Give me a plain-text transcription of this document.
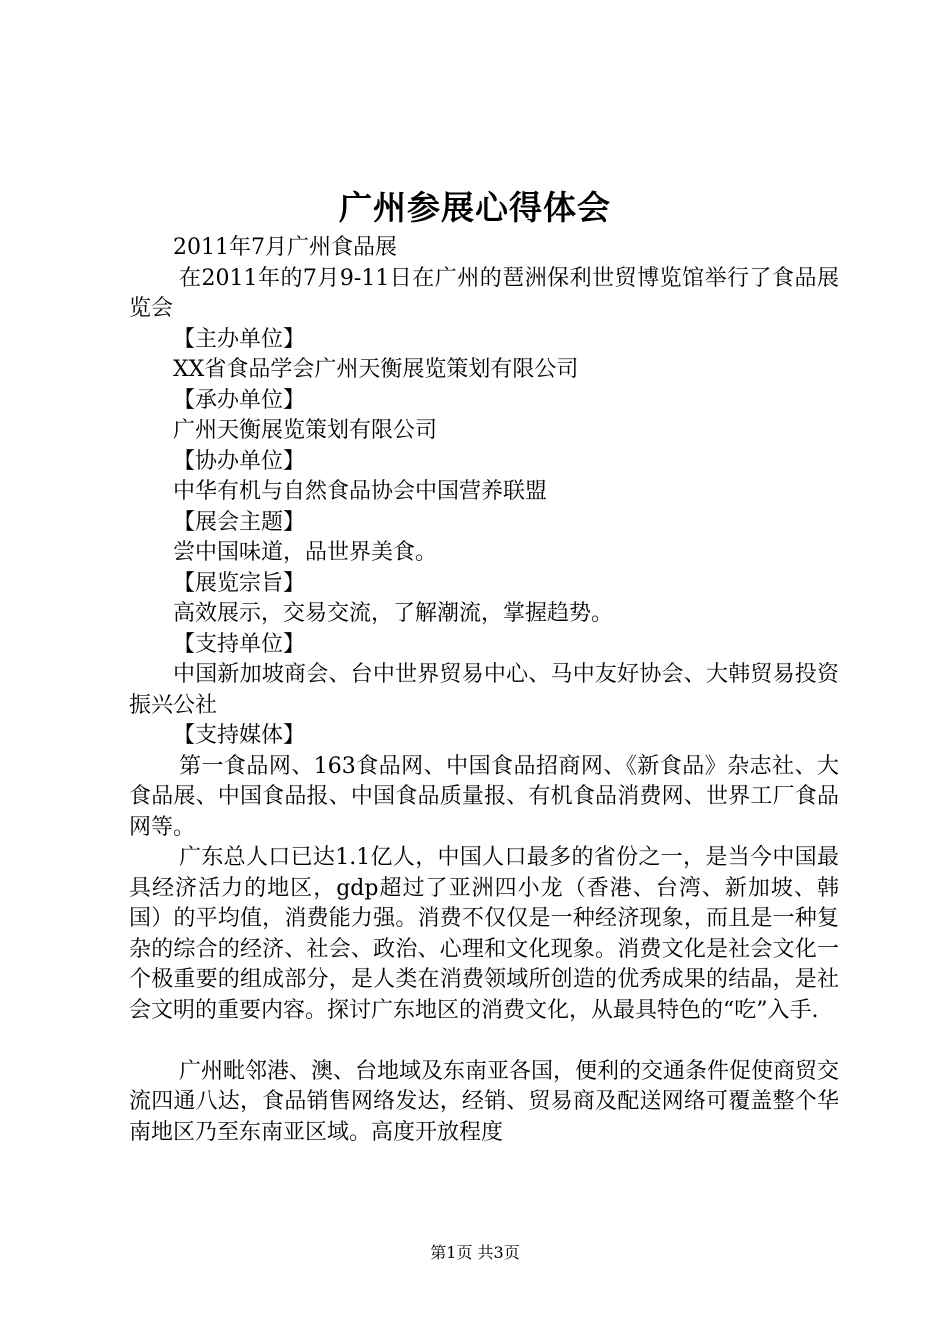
广州参展心得体会

2011年7月广州食品展

在2011年的7月9-11日在广州的琶洲保利世贸博览馆举行了食品展览会

【主办单位】

XX省食品学会广州天衡展览策划有限公司

【承办单位】

广州天衡展览策划有限公司

【协办单位】

中华有机与自然食品协会中国营养联盟

【展会主题】

尝中国味道，品世界美食。

【展览宗旨】

高效展示，交易交流，了解潮流，掌握趋势。

【支持单位】

中国新加坡商会、台中世界贸易中心、马中友好协会、大韩贸易投资振兴公社

【支持媒体】

第一食品网、163食品网、中国食品招商网、《新食品》杂志社、大食品展、中国食品报、中国食品质量报、有机食品消费网、世界工厂食品网等。

广东总人口已达1.1亿人，中国人口最多的省份之一，是当今中国最具经济活力的地区，gdp超过了亚洲四小龙（香港、台湾、新加坡、韩国）的平均值，消费能力强。消费不仅仅是一种经济现象，而且是一种复杂的综合的经济、社会、政治、心理和文化现象。消费文化是社会文化一个极重要的组成部分，是人类在消费领域所创造的优秀成果的结晶，是社会文明的重要内容。探讨广东地区的消费文化，从最具特色的“吃”入手.

广州毗邻港、澳、台地域及东南亚各国，便利的交通条件促使商贸交流四通八达，食品销售网络发达，经销、贸易商及配送网络可覆盖整个华南地区乃至东南亚区域。高度开放程度

第1页 共3页
